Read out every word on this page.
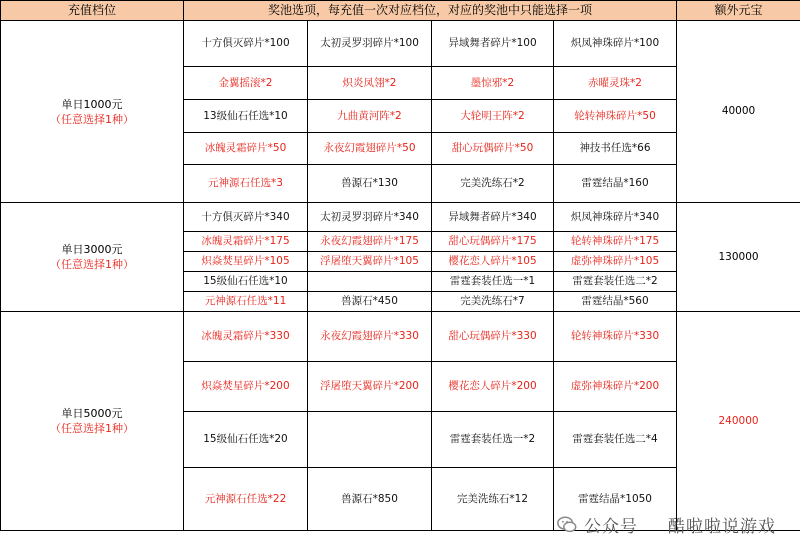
充值档位	奖池选项，每充值一次对应档位，对应的奖池中只能选择一项				额外元宝

单日1000元
（任意选择1种）	十方俱灭碎片*100	太初灵罗羽碎片*100	异域舞者碎片*100	炽凤神珠碎片*100	40000
	金翼摇滚*2	炽炎凤翎*2	墨惊邪*2	赤曜灵珠*2	
	13级仙石任选*10	九曲黄河阵*2	大轮明王阵*2	轮转神珠碎片*50	
	冰魄灵霜碎片*50	永夜幻霞翅碎片*50	甜心玩偶碎片*50	神技书任选*66	
	元神源石任选*3	兽源石*130	完美洗练石*2	雷霆结晶*160	

单日3000元
（任意选择1种）	十方俱灭碎片*340	太初灵罗羽碎片*340	异域舞者碎片*340	炽凤神珠碎片*340	130000
	冰魄灵霜碎片*175	永夜幻霞翅碎片*175	甜心玩偶碎片*175	轮转神珠碎片*175	
	炽焱焚星碎片*105	浮屠堕天翼碎片*105	樱花恋人碎片*105	虚弥神珠碎片*105	
	15级仙石任选*10		雷霆套装任选一*1	雷霆套装任选二*2	
	元神源石任选*11	兽源石*450	完美洗练石*7	雷霆结晶*560	

单日5000元
（任意选择1种）	冰魄灵霜碎片*330	永夜幻霞翅碎片*330	甜心玩偶碎片*330	轮转神珠碎片*330	240000
	炽焱焚星碎片*200	浮屠堕天翼碎片*200	樱花恋人碎片*200	虚弥神珠碎片*200	
	15级仙石任选*20		雷霆套装任选一*2	雷霆套装任选二*4	
	元神源石任选*22	兽源石*850	完美洗练石*12	雷霆结晶*1050	
公众号 酷啦啦说游戏
